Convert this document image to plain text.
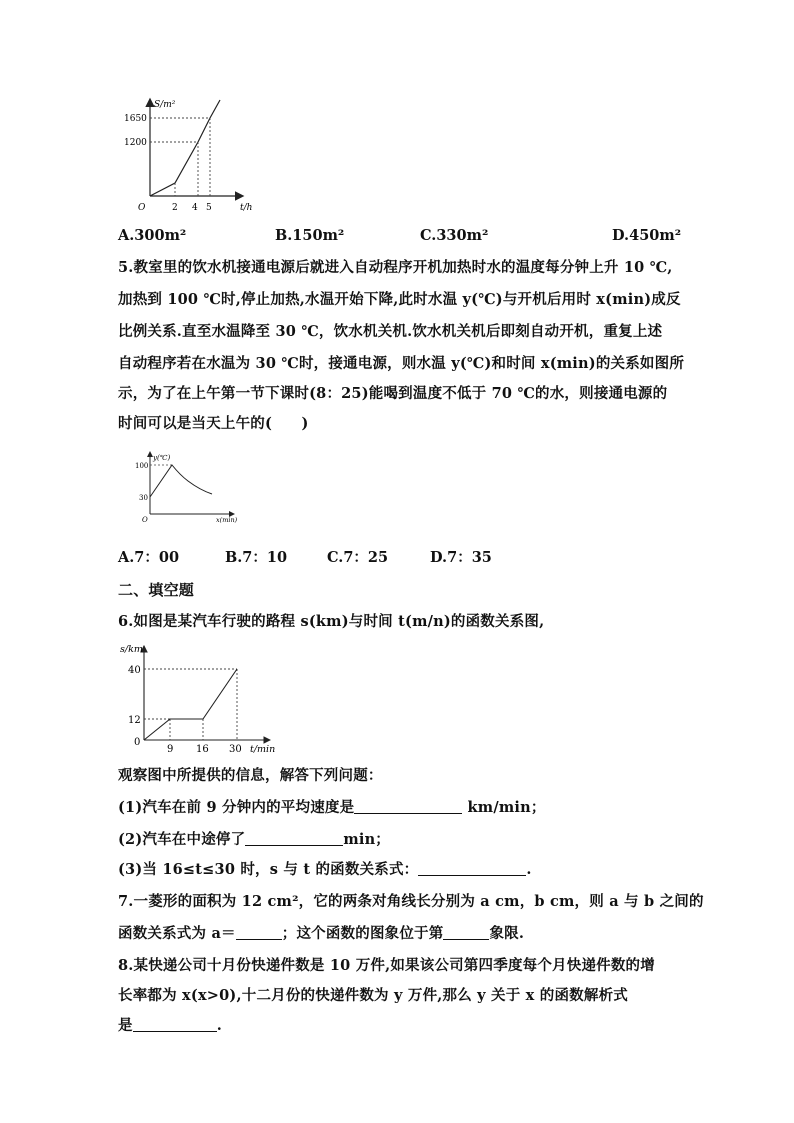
S/m²
1650
1200
O	2 4 5	t/h
A.300m²	B.150m²	C.330m²	D.450m²
5.教室里的饮水机接通电源后就进入自动程序开机加热时水的温度每分钟上升 10 ℃,
加热到 100 ℃时,停止加热,水温开始下降,此时水温 y(℃)与开机后用时 x(min)成反
比例关系.直至水温降至 30 ℃，饮水机关机.饮水机关机后即刻自动开机，重复上述
自动程序若在水温为 30 ℃时，接通电源，则水温 y(℃)和时间 x(min)的关系如图所
示，为了在上午第一节下课时(8：25)能喝到温度不低于 70 ℃的水，则接通电源的
时间可以是当天上午的(　　)
y(℃)
100
30
O	x(min)
A.7：00	B.7：10	C.7：25	D.7：35
二、填空题
6.如图是某汽车行驶的路程 s(km)与时间 t(m/n)的函数关系图,
s/km
40
12
0
9 16 30 t/min
观察图中所提供的信息，解答下列问题：
(1)汽车在前 9 分钟内的平均速度是	km/min；
(2)汽车在中途停了	min；
(3)当 16≤t≤30 时，s 与 t 的函数关系式：	.
7.一菱形的面积为 12 cm²，它的两条对角线长分别为 a cm，b cm，则 a 与 b 之间的
函数关系式为 a＝	；这个函数的图象位于第	象限.
8.某快递公司十月份快递件数是 10 万件,如果该公司第四季度每个月快递件数的增
长率都为 x(x>0),十二月份的快递件数为 y 万件,那么 y 关于 x 的函数解析式
是	.
